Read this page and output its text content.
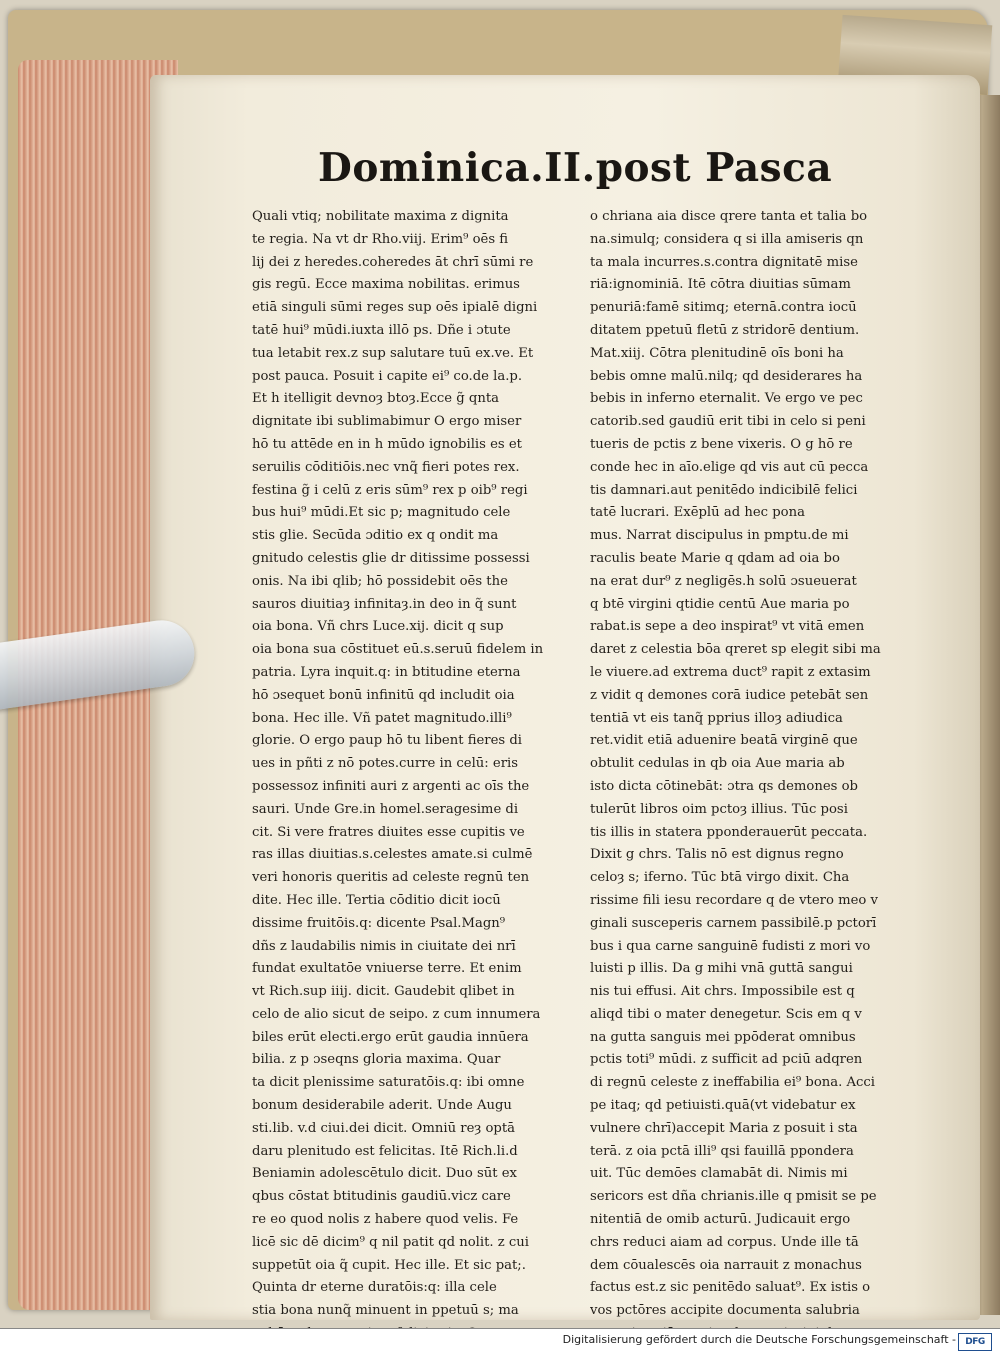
Dominica.II.post Pasca
Quali vtiq; nobilitate maxima z dignita
te regia. Na vt dr Rho.viij. Erim⁹ oēs fi
lij dei z heredes.coheredes āt chrī sūmi re
gis regū. Ecce maxima nobilitas. erimus
etiā singuli sūmi reges sup oēs ipialē digni
tatē hui⁹ mūdi.iuxta illō ps. Dñe i ɔtute
tua letabit rex.z sup salutare tuū ex.ve. Et
post pauca. Posuit i capite ei⁹ co.de la.p.
Et h itelligit devnoȝ btoȝ.Ecce g̃ qnta
dignitate ibi sublimabimur O ergo miser
hō tu attēde en in h mūdo ignobilis es et
seruilis cōditiōis.nec vnq̃ fieri potes rex.
festina g̃ i celū z eris sūm⁹ rex p oib⁹ regi
bus hui⁹ mūdi.Et sic p; magnitudo cele
stis glie. Secūda ɔditio ex q ondit ma
gnitudo celestis glie dr ditissime possessi
onis. Na ibi qlib; hō possidebit oēs the
sauros diuitiaȝ infinitaȝ.in deo in q̃ sunt
oia bona. Vñ chrs Luce.xij. dicit q sup
oia bona sua cōstituet eū.s.seruū fidelem in
patria. Lyra inquit.q: in btitudine eterna
hō ɔsequet bonū infinitū qd includit oia
bona. Hec ille. Vñ patet magnitudo.illi⁹
glorie. O ergo paup hō tu libent fieres di
ues in pñti z nō potes.curre in celū: eris
possessoz infiniti auri z argenti ac oīs the
sauri. Unde Gre.in homel.seragesime di
cit. Si vere fratres diuites esse cupitis ve
ras illas diuitias.s.celestes amate.si culmē
veri honoris queritis ad celeste regnū ten
dite. Hec ille. Tertia cōditio dicit iocū
dissime fruitōis.q: dicente Psal.Magn⁹
dñs z laudabilis nimis in ciuitate dei nrī
fundat exultatōe vniuerse terre. Et enim
vt Rich.sup iiij. dicit. Gaudebit qlibet in
celo de alio sicut de seipo. z cum innumera
biles erūt electi.ergo erūt gaudia innūera
bilia. z p ɔseqns gloria maxima. Quar
ta dicit plenissime saturatōis.q: ibi omne
bonum desiderabile aderit. Unde Augu
sti.lib. v.d ciui.dei dicit. Omniū reȝ optā
daru plenitudo est felicitas. Itē Rich.li.d
Beniamin adolescētulo dicit. Duo sūt ex
qbus cōstat btitudinis gaudiū.vicz care
re eo quod nolis z habere quod velis. Fe
licē sic dē dicim⁹ q nil patit qd nolit. z cui
suppetūt oia q̃ cupit. Hec ille. Et sic pat;.
Quinta dr eterne duratōis:q: illa cele
stia bona nunq̃ minuent in ppetuū s; ma
o chriana aia disce qrere tanta et talia bo
na.simulq; considera q si illa amiseris qn
ta mala incurres.s.contra dignitatē mise
riā:ignominiā. Itē cōtra diuitias sūmam
penuriā:famē sitimq; eternā.contra iocū
ditatem ppetuū fletū z stridorē dentium.
Mat.xiij. Cōtra plenitudinē oīs boni ha
bebis omne malū.nilq; qd desiderares ha
bebis in inferno eternalit. Ve ergo ve pec
catorib.sed gaudiū erit tibi in celo si peni
tueris de pctis z bene vixeris. O g hō re
conde hec in aīo.elige qd vis aut cū pecca
tis damnari.aut penitēdo indicibilē felici
tatē lucrari. Exēplū ad hec pona
mus. Narrat discipulus in pmptu.de mi
raculis beate Marie q qdam ad oia bo
na erat dur⁹ z negligēs.h solū ɔsueuerat
q btē virgini qtidie centū Aue maria po
rabat.is sepe a deo inspirat⁹ vt vitā emen
daret z celestia bōa qreret sp elegit sibi ma
le viuere.ad extrema duct⁹ rapit z extasim
z vidit q demones corā iudice petebāt sen
tentiā vt eis tanq̃ pprius illoȝ adiudica
ret.vidit etiā aduenire beatā virginē que
obtulit cedulas in qb oia Aue maria ab
isto dicta cōtinebāt: ɔtra qs demones ob
tulerūt libros oim pctoȝ illius. Tūc posi
tis illis in statera pponderauerūt peccata.
Dixit g chrs. Talis nō est dignus regno
celoȝ s; iferno. Tūc btā virgo dixit. Cha
rissime fili iesu recordare q de vtero meo v
ginali susceperis carnem passibilē.p pctorī
bus i qua carne sanguinē fudisti z mori vo
luisti p illis. Da g mihi vnā guttā sangui
nis tui effusi. Ait chrs. Impossibile est q
aliqd tibi o mater denegetur. Scis em q v
na gutta sanguis mei ppōderat omnibus
pctis toti⁹ mūdi. z sufficit ad pciū adqren
di regnū celeste z ineffabilia ei⁹ bona. Acci
pe itaq; qd petiuisti.quā(vt videbatur ex
vulnere chrī)accepit Maria z posuit i sta
terā. z oia pctā illi⁹ qsi fauillā ppondera
uit. Tūc demōes clamabāt di. Nimis mi
sericors est dña chrianis.ille q pmisit se pe
nitentiā de omib acturū. Judicauit ergo
chrs reduci aiam ad corpus. Unde ille tā
dem cōualescēs oia narrauit z monachus
factus est.z sic penitēdo saluat⁹. Ex istis o
vos pctōres accipite documenta salubria

Digitalisierung gefördert durch die Deutsche Forschungsgemeinschaft -	DFG
